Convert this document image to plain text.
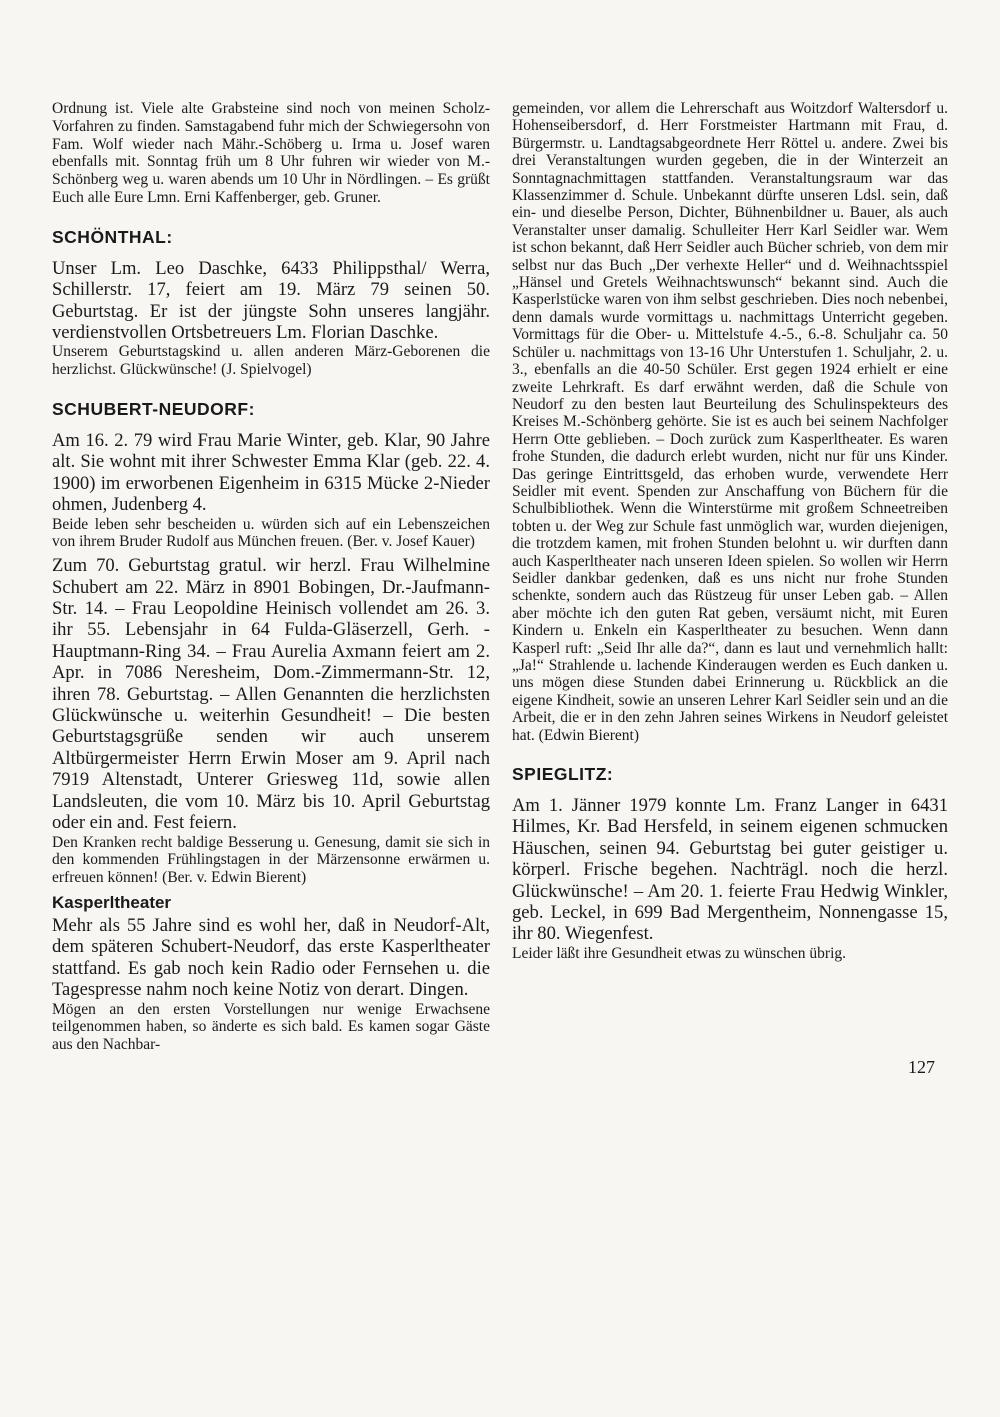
Ordnung ist. Viele alte Grabsteine sind noch von meinen Scholz-Vorfahren zu finden. Samstagabend fuhr mich der Schwiegersohn von Fam. Wolf wieder nach Mähr.-Schöberg u. Irma u. Josef waren ebenfalls mit. Sonntag früh um 8 Uhr fuhren wir wieder von M.-Schönberg weg u. waren abends um 10 Uhr in Nördlingen. – Es grüßt Euch alle Eure Lmn. Erni Kaffenberger, geb. Gruner.

SCHÖNTHAL:

Unser Lm. Leo Daschke, 6433 Philippsthal/ Werra, Schillerstr. 17, feiert am 19. März 79 seinen 50. Geburtstag. Er ist der jüngste Sohn unseres langjähr. verdienstvollen Ortsbetreuers Lm. Florian Daschke.

Unserem Geburtstagskind u. allen anderen März-Geborenen die herzlichst. Glückwünsche! (J. Spielvogel)

SCHUBERT-NEUDORF:

Am 16. 2. 79 wird Frau Marie Winter, geb. Klar, 90 Jahre alt. Sie wohnt mit ihrer Schwester Emma Klar (geb. 22. 4. 1900) im erworbenen Eigenheim in 6315 Mücke 2-Nieder ohmen, Judenberg 4.

Beide leben sehr bescheiden u. würden sich auf ein Lebenszeichen von ihrem Bruder Rudolf aus München freuen. (Ber. v. Josef Kauer)

Zum 70. Geburtstag gratul. wir herzl. Frau Wilhelmine Schubert am 22. März in 8901 Bobingen, Dr.-Jaufmann-Str. 14. – Frau Leopoldine Heinisch vollendet am 26. 3. ihr 55. Lebensjahr in 64 Fulda-Gläserzell, Gerh. -Hauptmann-Ring 34. – Frau Aurelia Axmann feiert am 2. Apr. in 7086 Neresheim, Dom.-Zimmermann-Str. 12, ihren 78. Geburtstag. – Allen Genannten die herzlichsten Glückwünsche u. weiterhin Gesundheit! – Die besten Geburtstagsgrüße senden wir auch unserem Altbürgermeister Herrn Erwin Moser am 9. April nach 7919 Altenstadt, Unterer Griesweg 11d, sowie allen Landsleuten, die vom 10. März bis 10. April Geburtstag oder ein and. Fest feiern.

Den Kranken recht baldige Besserung u. Genesung, damit sie sich in den kommenden Frühlingstagen in der Märzensonne erwärmen u. erfreuen können! (Ber. v. Edwin Bierent)

Kasperltheater

Mehr als 55 Jahre sind es wohl her, daß in Neudorf-Alt, dem späteren Schubert-Neudorf, das erste Kasperltheater stattfand. Es gab noch kein Radio oder Fernsehen u. die Tagespresse nahm noch keine Notiz von derart. Dingen.

Mögen an den ersten Vorstellungen nur wenige Erwachsene teilgenommen haben, so änderte es sich bald. Es kamen sogar Gäste aus den Nachbar-

gemeinden, vor allem die Lehrerschaft aus Woitzdorf Waltersdorf u. Hohenseibersdorf, d. Herr Forstmeister Hartmann mit Frau, d. Bürgermstr. u. Landtagsabgeordnete Herr Röttel u. andere. Zwei bis drei Veranstaltungen wurden gegeben, die in der Winterzeit an Sonntagnachmittagen stattfanden. Veranstaltungsraum war das Klassenzimmer d. Schule. Unbekannt dürfte unseren Ldsl. sein, daß ein- und dieselbe Person, Dichter, Bühnenbildner u. Bauer, als auch Veranstalter unser damalig. Schulleiter Herr Karl Seidler war. Wem ist schon bekannt, daß Herr Seidler auch Bücher schrieb, von dem mir selbst nur das Buch „Der verhexte Heller“ und d. Weihnachtsspiel „Hänsel und Gretels Weihnachtswunsch“ bekannt sind. Auch die Kasperlstücke waren von ihm selbst geschrieben. Dies noch nebenbei, denn damals wurde vormittags u. nachmittags Unterricht gegeben. Vormittags für die Ober- u. Mittelstufe 4.-5., 6.-8. Schuljahr ca. 50 Schüler u. nachmittags von 13-16 Uhr Unterstufen 1. Schuljahr, 2. u. 3., ebenfalls an die 40-50 Schüler. Erst gegen 1924 erhielt er eine zweite Lehrkraft. Es darf erwähnt werden, daß die Schule von Neudorf zu den besten laut Beurteilung des Schulinspekteurs des Kreises M.-Schönberg gehörte. Sie ist es auch bei seinem Nachfolger Herrn Otte geblieben. – Doch zurück zum Kasperltheater. Es waren frohe Stunden, die dadurch erlebt wurden, nicht nur für uns Kinder. Das geringe Eintrittsgeld, das erhoben wurde, verwendete Herr Seidler mit event. Spenden zur Anschaffung von Büchern für die Schulbibliothek. Wenn die Winterstürme mit großem Schneetreiben tobten u. der Weg zur Schule fast unmöglich war, wurden diejenigen, die trotzdem kamen, mit frohen Stunden belohnt u. wir durften dann auch Kasperltheater nach unseren Ideen spielen. So wollen wir Herrn Seidler dankbar gedenken, daß es uns nicht nur frohe Stunden schenkte, sondern auch das Rüstzeug für unser Leben gab. – Allen aber möchte ich den guten Rat geben, versäumt nicht, mit Euren Kindern u. Enkeln ein Kasperltheater zu besuchen. Wenn dann Kasperl ruft: „Seid Ihr alle da?“, dann es laut und vernehmlich hallt: „Ja!“ Strahlende u. lachende Kinderaugen werden es Euch danken u. uns mögen diese Stunden dabei Erinnerung u. Rückblick an die eigene Kindheit, sowie an unseren Lehrer Karl Seidler sein und an die Arbeit, die er in den zehn Jahren seines Wirkens in Neudorf geleistet hat. (Edwin Bierent)

SPIEGLITZ:

Am 1. Jänner 1979 konnte Lm. Franz Langer in 6431 Hilmes, Kr. Bad Hersfeld, in seinem eigenen schmucken Häuschen, seinen 94. Geburtstag bei guter geistiger u. körperl. Frische begehen. Nachträgl. noch die herzl. Glückwünsche! – Am 20. 1. feierte Frau Hedwig Winkler, geb. Leckel, in 699 Bad Mergentheim, Nonnengasse 15, ihr 80. Wiegenfest.

Leider läßt ihre Gesundheit etwas zu wünschen übrig.

127
